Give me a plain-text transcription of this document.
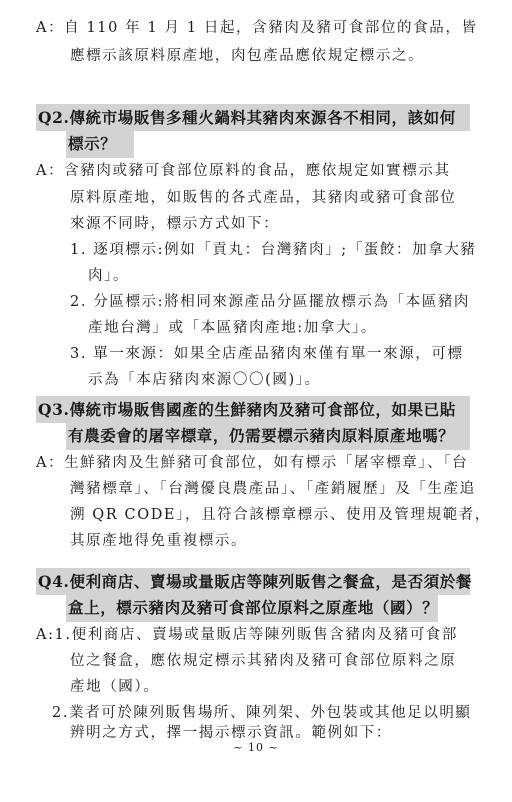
A：自 110 年 1 月 1 日起，含豬肉及豬可食部位的食品，皆
應標示該原料原產地，肉包產品應依規定標示之。
Q2.傳統市場販售多種火鍋料其豬肉來源各不相同，該如何
標示？
A：含豬肉或豬可食部位原料的食品，應依規定如實標示其
原料原產地，如販售的各式產品，其豬肉或豬可食部位
來源不同時，標示方式如下：
1. 逐項標示:例如「貢丸：台灣豬肉」;「蛋餃：加拿大豬
肉」。
2. 分區標示:將相同來源產品分區擺放標示為「本區豬肉
產地台灣」或「本區豬肉產地:加拿大」。
3. 單一來源：如果全店產品豬肉來僅有單一來源，可標
示為「本店豬肉來源〇〇(國)」。
Q3.傳統市場販售國產的生鮮豬肉及豬可食部位，如果已貼
有農委會的屠宰標章，仍需要標示豬肉原料原產地嗎？
A：生鮮豬肉及生鮮豬可食部位，如有標示「屠宰標章」、「台
灣豬標章」、「台灣優良農產品」、「產銷履歷」及「生產追
溯 QR CODE」，且符合該標章標示、使用及管理規範者，
其原產地得免重複標示。
Q4.便利商店、賣場或量販店等陳列販售之餐盒，是否須於餐
盒上，標示豬肉及豬可食部位原料之原產地（國）？
A:1.便利商店、賣場或量販店等陳列販售含豬肉及豬可食部
位之餐盒，應依規定標示其豬肉及豬可食部位原料之原
產地（國）。
2.業者可於陳列販售場所、陳列架、外包裝或其他足以明顯
辨明之方式，擇一揭示標示資訊。範例如下：
~ 10 ~
